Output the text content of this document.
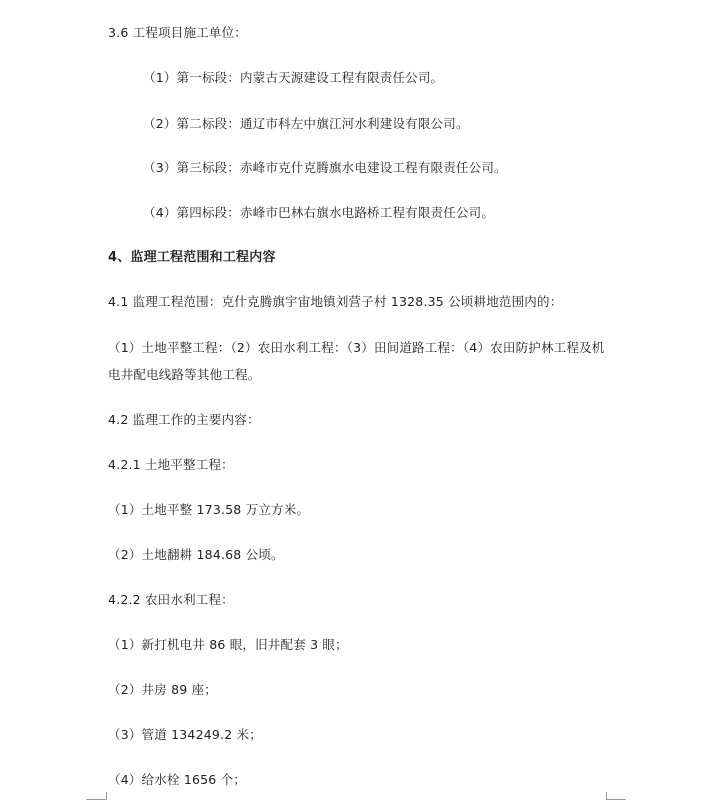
3.6 工程项目施工单位：
（1）第一标段：内蒙古天源建设工程有限责任公司。
（2）第二标段：通辽市科左中旗江河水利建设有限公司。
（3）第三标段：赤峰市克什克腾旗水电建设工程有限责任公司。
（4）第四标段：赤峰市巴林右旗水电路桥工程有限责任公司。
4、监理工程范围和工程内容
4.1 监理工程范围：克什克腾旗宇宙地镇刘营子村 1328.35 公顷耕地范围内的：
（1）土地平整工程：（2）农田水利工程：（3）田间道路工程：（4）农田防护林工程及机
电井配电线路等其他工程。
4.2 监理工作的主要内容：
4.2.1 土地平整工程：
（1）土地平整 173.58 万立方米。
（2）土地翻耕 184.68 公顷。
4.2.2 农田水利工程：
（1）新打机电井 86 眼，旧井配套 3 眼；
（2）井房 89 座；
（3）管道 134249.2 米；
（4）给水栓 1656 个；
